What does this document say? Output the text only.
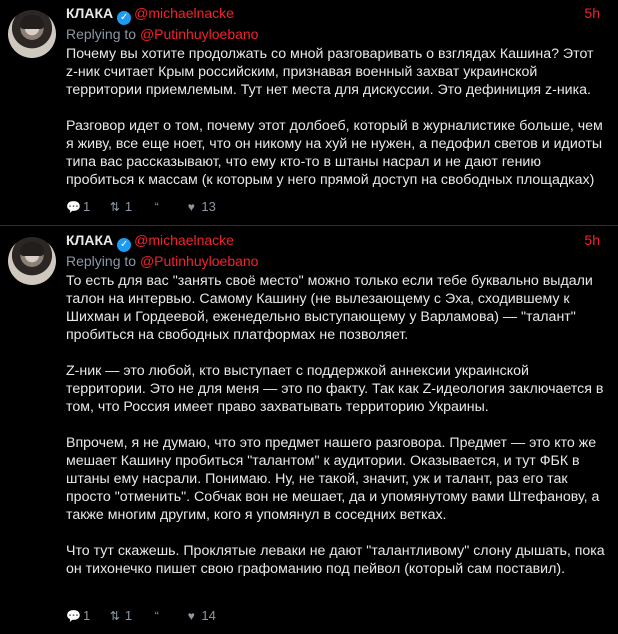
КЛАКА ✓ @michaelnacke	5h
Replying to @Putinhuyloebano

Почему вы хотите продолжать со мной разговаривать о взглядах Кашина? Этот z-ник считает Крым российским, признавая военный захват украинской территории приемлемым. Тут нет места для дискуссии. Это дефиниция z-ника.

Разговор идет о том, почему этот долбоеб, который в журналистике больше, чем я живу, все еще ноет, что он никому на хуй не нужен, а педофил светов и идиоты типа вас рассказывают, что ему кто-то в штаны насрал и не дают гению пробиться к массам (к которым у него прямой доступ на свободных площадках)

💬 1 ⇅ 1 “ ♥ 13
КЛАКА ✓ @michaelnacke	5h
Replying to @Putinhuyloebano

То есть для вас "занять своё место" можно только если тебе буквально выдали талон на интервью. Самому Кашину (не вылезающему с Эха, сходившему к Шихман и Гордеевой, еженедельно выступающему у Варламова) — "талант" пробиться на свободных платформах не позволяет.

Z-ник — это любой, кто выступает с поддержкой аннексии украинской территории. Это не для меня — это по факту. Так как Z-идеология заключается в том, что Россия имеет право захватывать территорию Украины.

Впрочем, я не думаю, что это предмет нашего разговора. Предмет — это кто же мешает Кашину пробиться "талантом" к аудитории. Оказывается, и тут ФБК в штаны ему насрали. Понимаю. Ну, не такой, значит, уж и талант, раз его так просто "отменить". Собчак вон не мешает, да и упомянутому вами Штефанову, а также многим другим, кого я упомянул в соседних ветках.

Что тут скажешь. Проклятые леваки не дают "талантливому" слону дышать, пока он тихонечко пишет свою графоманию под пейвол (который сам поставил).

💬 1 ⇅ 1 “ ♥ 14
